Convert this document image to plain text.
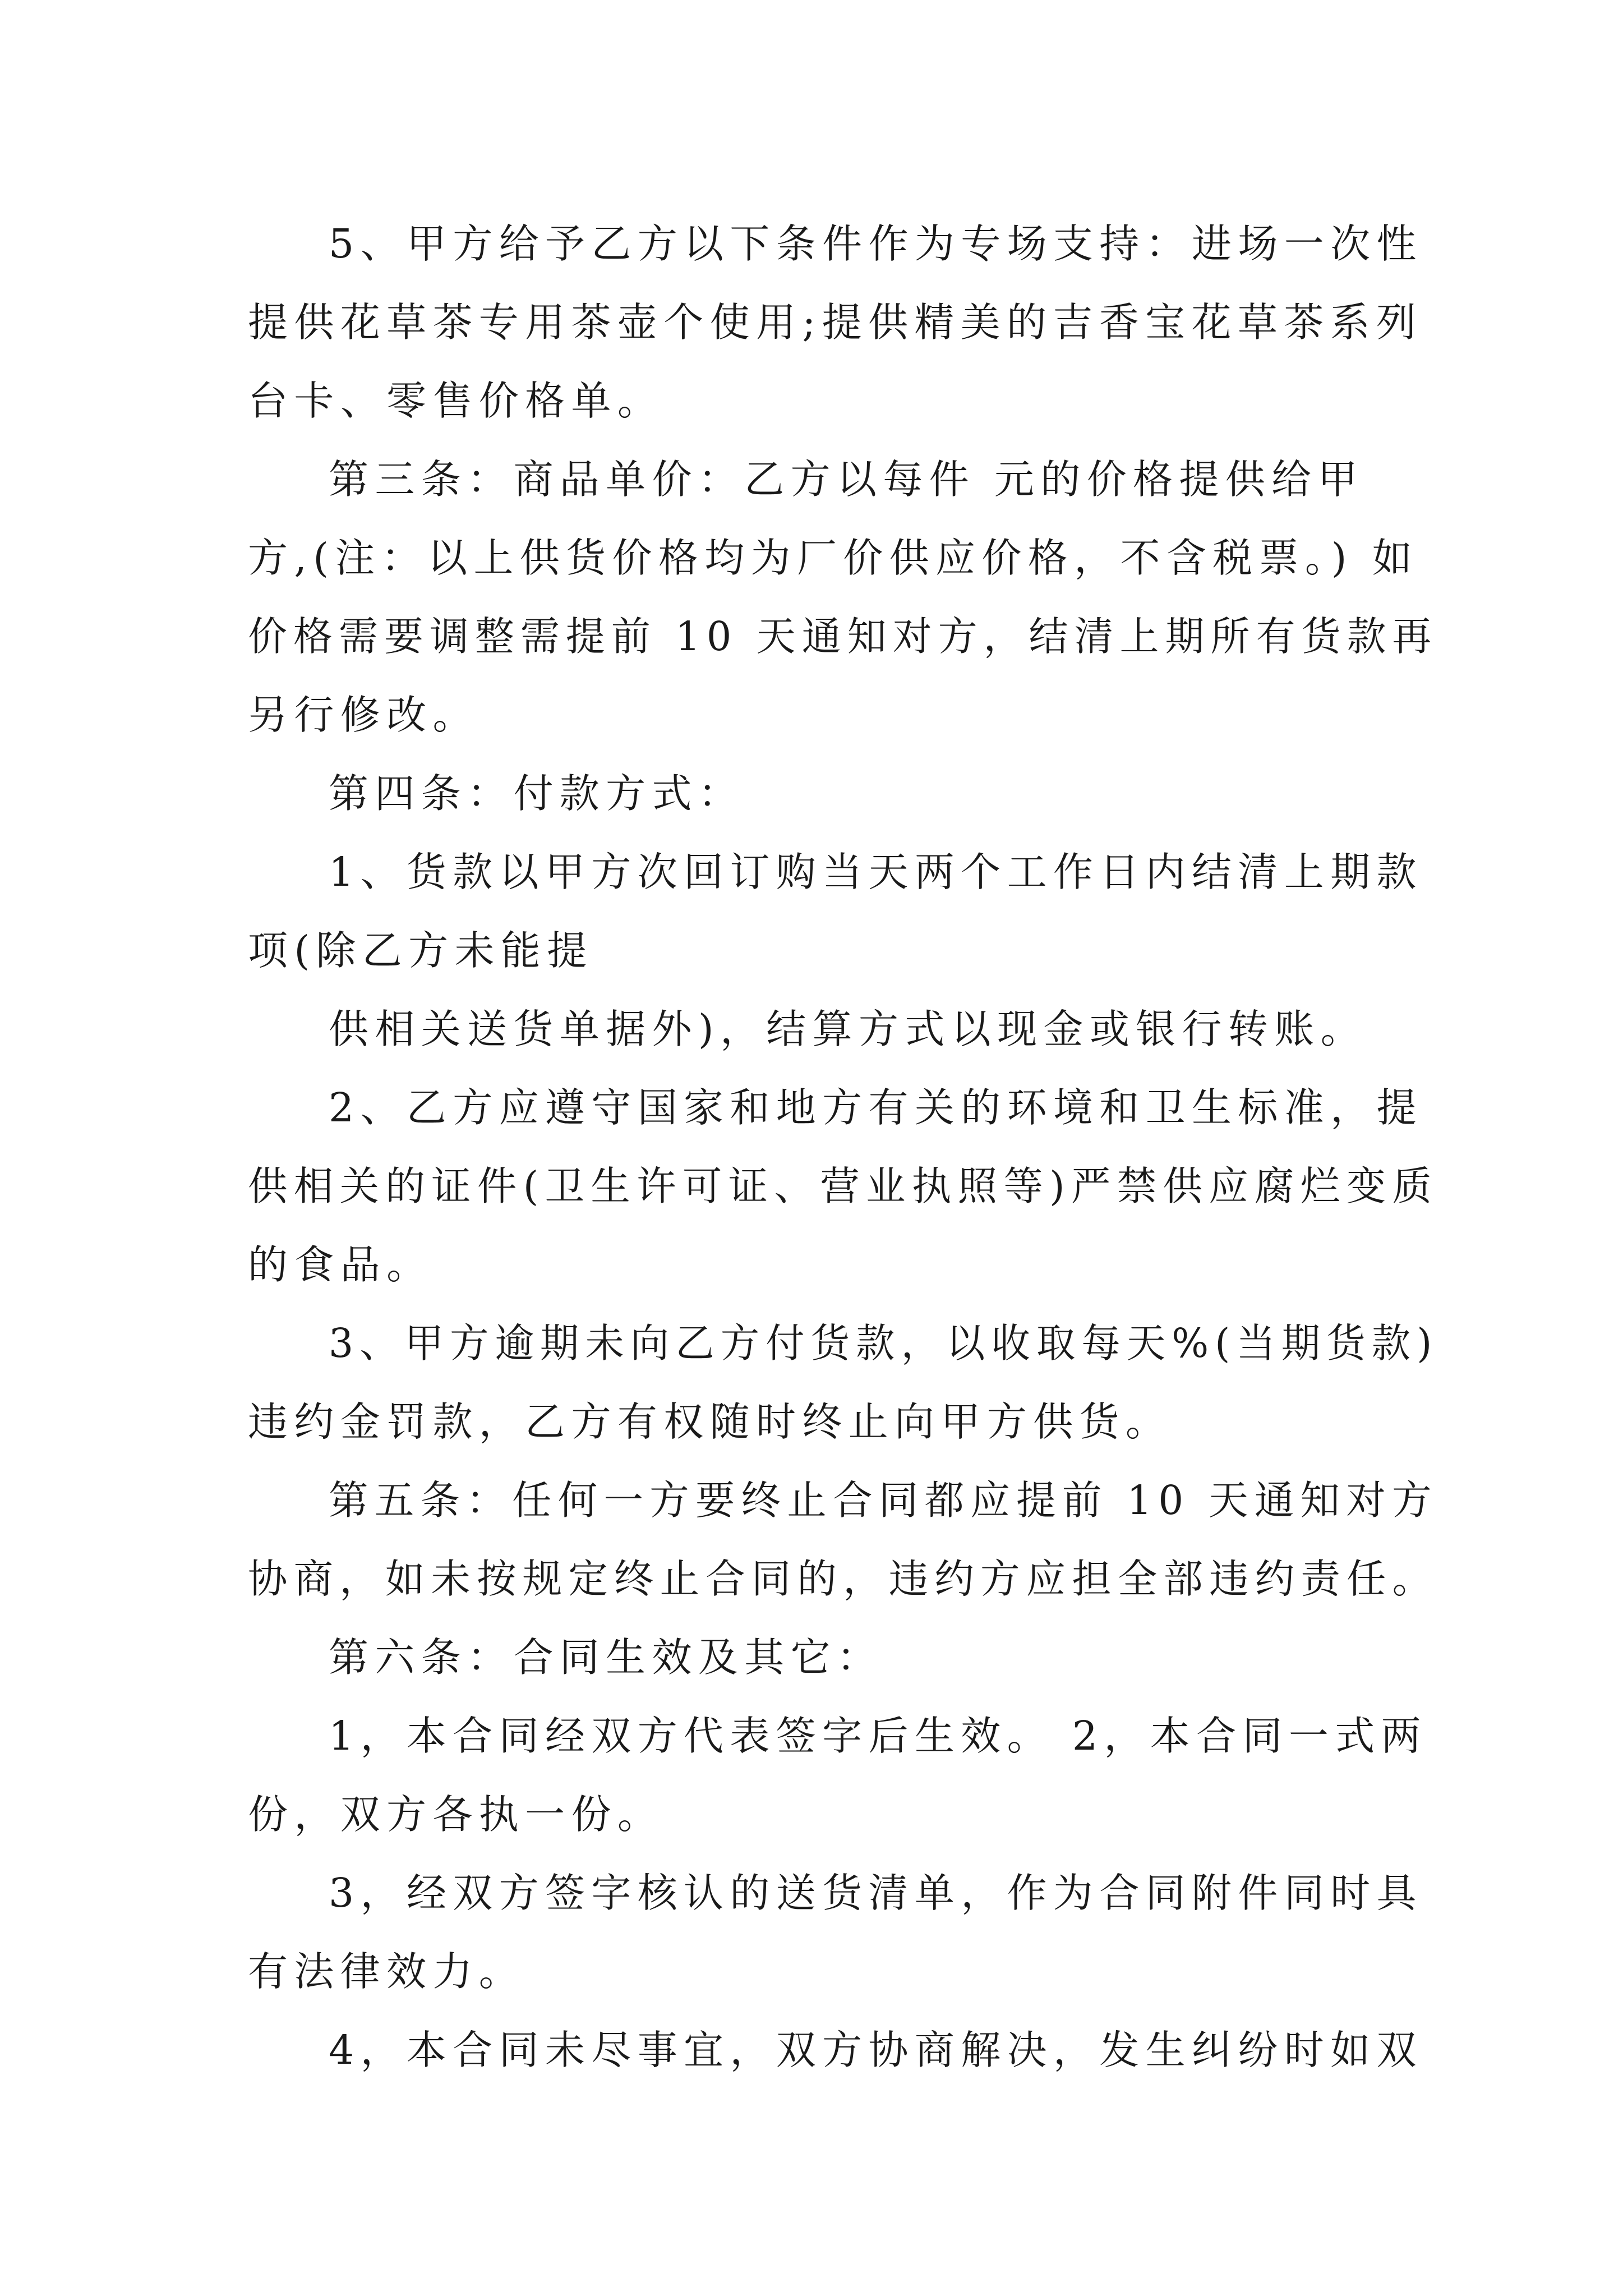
5、甲方给予乙方以下条件作为专场支持：进场一次性

提供花草茶专用茶壶个使用;提供精美的吉香宝花草茶系列

台卡、零售价格单。

第三条：商品单价：乙方以每件 元的价格提供给甲

方,(注：以上供货价格均为厂价供应价格，不含税票。) 如

价格需要调整需提前 10 天通知对方，结清上期所有货款再

另行修改。

第四条：付款方式：

1、货款以甲方次回订购当天两个工作日内结清上期款

项(除乙方未能提

供相关送货单据外)，结算方式以现金或银行转账。

2、乙方应遵守国家和地方有关的环境和卫生标准，提

供相关的证件(卫生许可证、营业执照等)严禁供应腐烂变质

的食品。

3、甲方逾期未向乙方付货款，以收取每天%(当期货款)

违约金罚款，乙方有权随时终止向甲方供货。

第五条：任何一方要终止合同都应提前 10 天通知对方

协商，如未按规定终止合同的，违约方应担全部违约责任。

第六条：合同生效及其它：

1，本合同经双方代表签字后生效。 2，本合同一式两

份，双方各执一份。

3，经双方签字核认的送货清单，作为合同附件同时具

有法律效力。

4，本合同未尽事宜，双方协商解决，发生纠纷时如双
